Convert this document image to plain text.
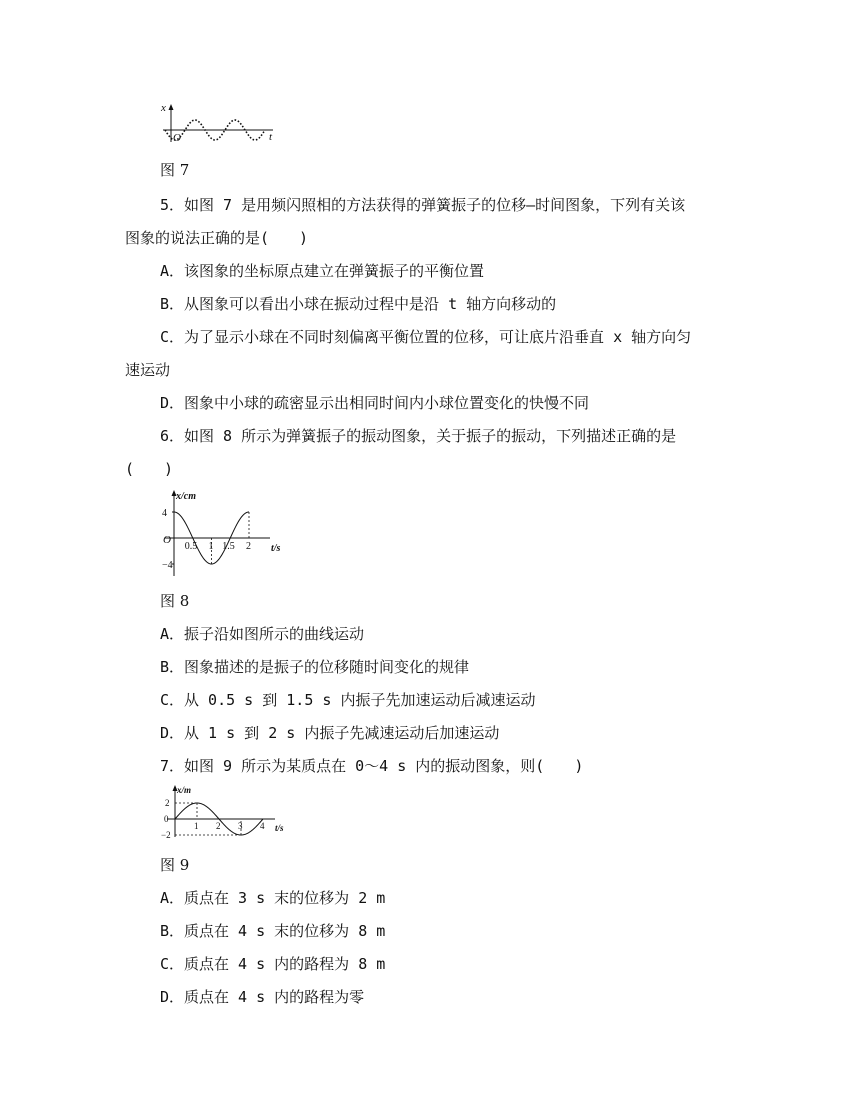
x
O	t
图 7
5．如图 7 是用频闪照相的方法获得的弹簧振子的位移—时间图象，下列有关该
图象的说法正确的是(　　)
A．该图象的坐标原点建立在弹簧振子的平衡位置
B．从图象可以看出小球在振动过程中是沿 t 轴方向移动的
C．为了显示小球在不同时刻偏离平衡位置的位移，可让底片沿垂直 x 轴方向匀
速运动
D．图象中小球的疏密显示出相同时间内小球位置变化的快慢不同
6．如图 8 所示为弹簧振子的振动图象，关于振子的振动，下列描述正确的是
(　　)
x/cm
O
t/s
4
−4
0.5 1 1.5 2
图 8
A．振子沿如图所示的曲线运动
B．图象描述的是振子的位移随时间变化的规律
C．从 0.5 s 到 1.5 s 内振子先加速运动后减速运动
D．从 1 s 到 2 s 内振子先减速运动后加速运动
7．如图 9 所示为某质点在 0～4 s 内的振动图象，则(　　)
x/m
0
t/s
2
−2
1 2 3 4
图 9
A．质点在 3 s 末的位移为 2 m
B．质点在 4 s 末的位移为 8 m
C．质点在 4 s 内的路程为 8 m
D．质点在 4 s 内的路程为零
